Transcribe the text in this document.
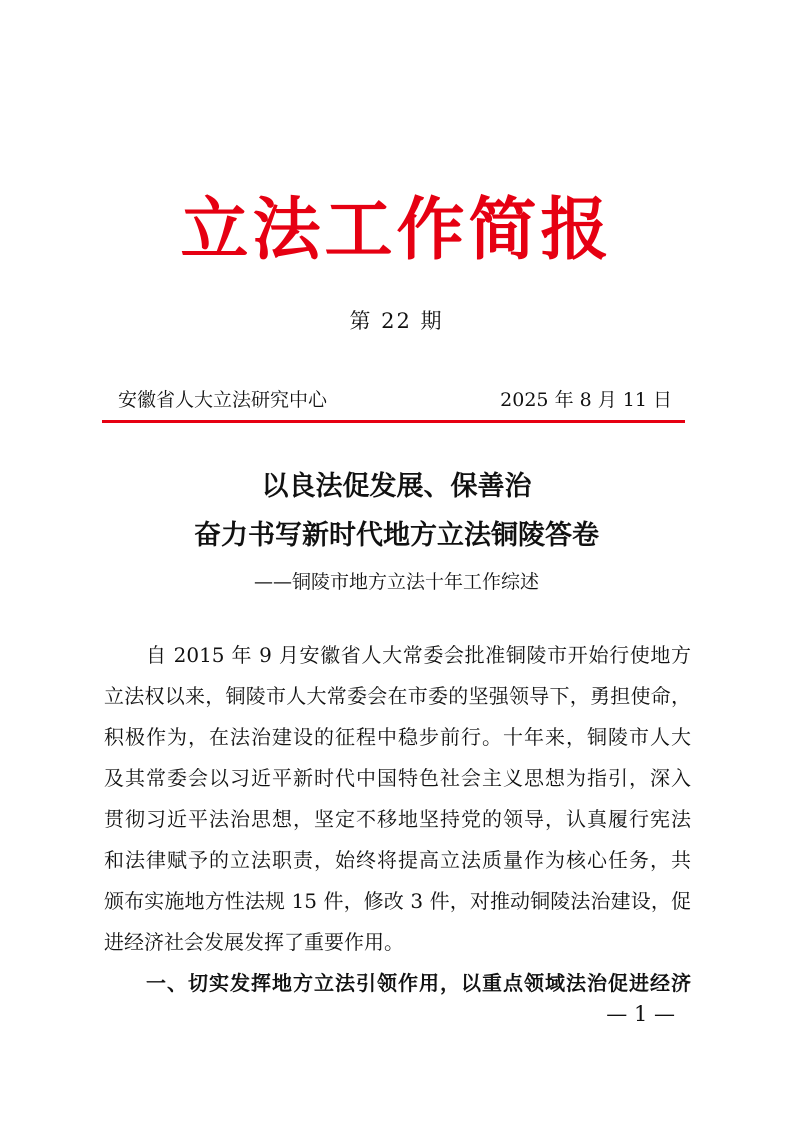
立法工作简报
第 22 期
安徽省人大立法研究中心	2025 年 8 月 11 日
以良法促发展、保善治
奋力书写新时代地方立法铜陵答卷
——铜陵市地方立法十年工作综述
自 2015 年 9 月安徽省人大常委会批准铜陵市开始行使地方
立法权以来，铜陵市人大常委会在市委的坚强领导下，勇担使命，
积极作为，在法治建设的征程中稳步前行。十年来，铜陵市人大
及其常委会以习近平新时代中国特色社会主义思想为指引，深入
贯彻习近平法治思想，坚定不移地坚持党的领导，认真履行宪法
和法律赋予的立法职责，始终将提高立法质量作为核心任务，共
颁布实施地方性法规 15 件，修改 3 件，对推动铜陵法治建设，促
进经济社会发展发挥了重要作用。
一、切实发挥地方立法引领作用，以重点领域法治促进经济
— 1 —
